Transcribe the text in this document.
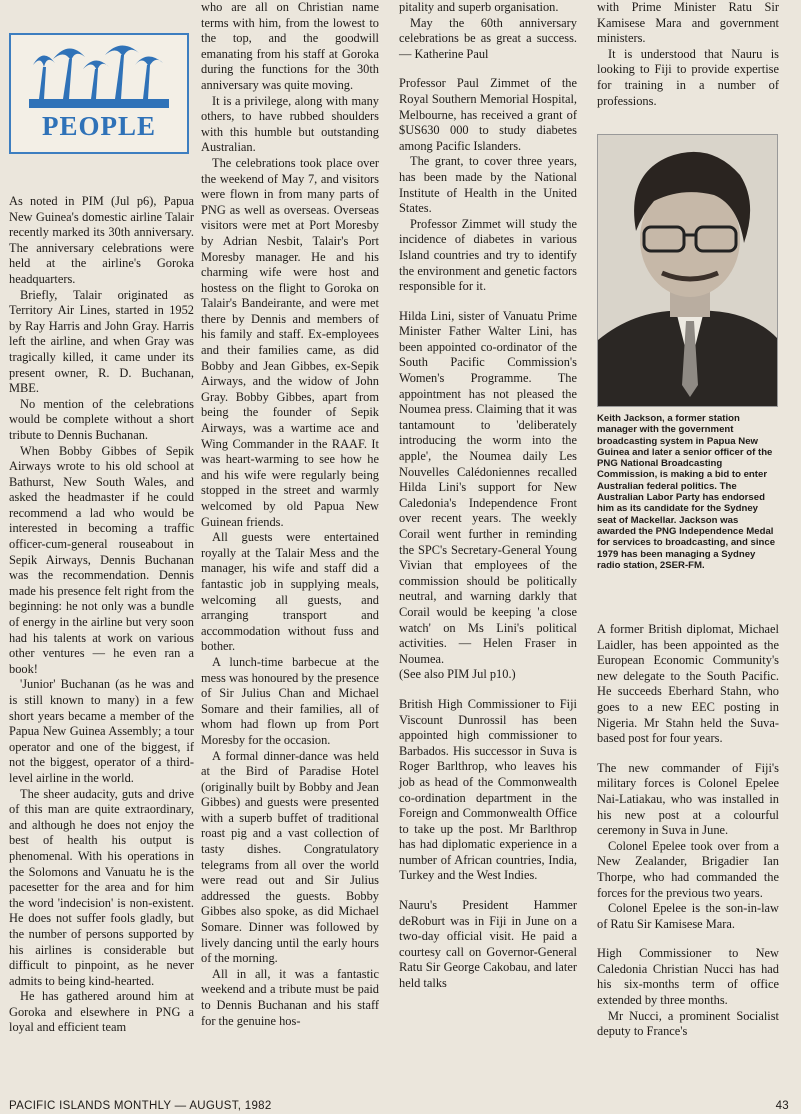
PEOPLE

As noted in PIM (Jul p6), Papua New Guinea's domestic airline Talair recently marked its 30th anniversary. The anniversary celebrations were held at the airline's Goroka headquarters.

Briefly, Talair originated as Territory Air Lines, started in 1952 by Ray Harris and John Gray. Harris left the airline, and when Gray was tragically killed, it came under its present owner, R. D. Buchanan, MBE.

No mention of the celebrations would be complete without a short tribute to Dennis Buchanan.

When Bobby Gibbes of Sepik Airways wrote to his old school at Bathurst, New South Wales, and asked the headmaster if he could recommend a lad who would be interested in becoming a traffic officer-cum-general rouseabout in Sepik Airways, Dennis Buchanan was the recommendation. Dennis made his presence felt right from the beginning: he not only was a bundle of energy in the airline but very soon had his talents at work on various other ventures — he even ran a book!

'Junior' Buchanan (as he was and is still known to many) in a few short years became a member of the Papua New Guinea Assembly; a tour operator and one of the biggest, if not the biggest, operator of a third-level airline in the world.

The sheer audacity, guts and drive of this man are quite extraordinary, and although he does not enjoy the best of health his output is phenomenal. With his operations in the Solomons and Vanuatu he is the pacesetter for the area and for him the word 'indecision' is non-existent. He does not suffer fools gladly, but the number of persons supported by his airlines is considerable but difficult to pinpoint, as he never admits to being kind-hearted.

He has gathered around him at Goroka and elsewhere in PNG a loyal and efficient team

who are all on Christian name terms with him, from the lowest to the top, and the goodwill emanating from his staff at Goroka during the functions for the 30th anniversary was quite moving.

It is a privilege, along with many others, to have rubbed shoulders with this humble but outstanding Australian.

The celebrations took place over the weekend of May 7, and visitors were flown in from many parts of PNG as well as overseas. Overseas visitors were met at Port Moresby by Adrian Nesbit, Talair's Port Moresby manager. He and his charming wife were host and hostess on the flight to Goroka on Talair's Bandeirante, and were met there by Dennis and members of his family and staff. Ex-employees and their families came, as did Bobby and Jean Gibbes, ex-Sepik Airways, and the widow of John Gray. Bobby Gibbes, apart from being the founder of Sepik Airways, was a wartime ace and Wing Commander in the RAAF. It was heart-warming to see how he and his wife were regularly being stopped in the street and warmly welcomed by old Papua New Guinean friends.

All guests were entertained royally at the Talair Mess and the manager, his wife and staff did a fantastic job in supplying meals, welcoming all guests, and arranging transport and accommodation without fuss and bother.

A lunch-time barbecue at the mess was honoured by the presence of Sir Julius Chan and Michael Somare and their families, all of whom had flown up from Port Moresby for the occasion.

A formal dinner-dance was held at the Bird of Paradise Hotel (originally built by Bobby and Jean Gibbes) and guests were presented with a superb buffet of traditional roast pig and a vast collection of tasty dishes. Congratulatory telegrams from all over the world were read out and Sir Julius addressed the guests. Bobby Gibbes also spoke, as did Michael Somare. Dinner was followed by lively dancing until the early hours of the morning.

All in all, it was a fantastic weekend and a tribute must be paid to Dennis Buchanan and his staff for the genuine hos-

pitality and superb organisation.

May the 60th anniversary celebrations be as great a success. — Katherine Paul

Professor Paul Zimmet of the Royal Southern Memorial Hospital, Melbourne, has received a grant of $US630 000 to study diabetes among Pacific Islanders.

The grant, to cover three years, has been made by the National Institute of Health in the United States.

Professor Zimmet will study the incidence of diabetes in various Island countries and try to identify the environment and genetic factors responsible for it.

Hilda Lini, sister of Vanuatu Prime Minister Father Walter Lini, has been appointed co-ordinator of the South Pacific Commission's Women's Programme. The appointment has not pleased the Noumea press. Claiming that it was tantamount to 'deliberately introducing the worm into the apple', the Noumea daily Les Nouvelles Calédoniennes recalled Hilda Lini's support for New Caledonia's Independence Front over recent years. The weekly Corail went further in reminding the SPC's Secretary-General Young Vivian that employees of the commission should be politically neutral, and warning darkly that Corail would be keeping 'a close watch' on Ms Lini's political activities. — Helen Fraser in Noumea.

(See also PIM Jul p10.)

British High Commissioner to Fiji Viscount Dunrossil has been appointed high commissioner to Barbados. His successor in Suva is Roger Barlthrop, who leaves his job as head of the Commonwealth co-ordination department in the Foreign and Commonwealth Office to take up the post. Mr Barlthrop has had diplomatic experience in a number of African countries, India, Turkey and the West Indies.

Nauru's President Hammer deRoburt was in Fiji in June on a two-day official visit. He paid a courtesy call on Governor-General Ratu Sir George Cakobau, and later held talks

with Prime Minister Ratu Sir Kamisese Mara and government ministers.

It is understood that Nauru is looking to Fiji to provide expertise for training in a number of professions.

Keith Jackson, a former station manager with the government broadcasting system in Papua New Guinea and later a senior officer of the PNG National Broadcasting Commission, is making a bid to enter Australian federal politics. The Australian Labor Party has endorsed him as its candidate for the Sydney seat of Mackellar. Jackson was awarded the PNG Independence Medal for services to broadcasting, and since 1979 has been managing a Sydney radio station, 2SER-FM.

A former British diplomat, Michael Laidler, has been appointed as the European Economic Community's new delegate to the South Pacific. He succeeds Eberhard Stahn, who goes to a new EEC posting in Nigeria. Mr Stahn held the Suva-based post for four years.

The new commander of Fiji's military forces is Colonel Epelee Nai-Latiakau, who was installed in his new post at a colourful ceremony in Suva in June.

Colonel Epelee took over from a New Zealander, Brigadier Ian Thorpe, who had commanded the forces for the previous two years.

Colonel Epelee is the son-in-law of Ratu Sir Kamisese Mara.

High Commissioner to New Caledonia Christian Nucci has had his six-months term of office extended by three months.

Mr Nucci, a prominent Socialist deputy to France's

PACIFIC ISLANDS MONTHLY — AUGUST, 1982	43
